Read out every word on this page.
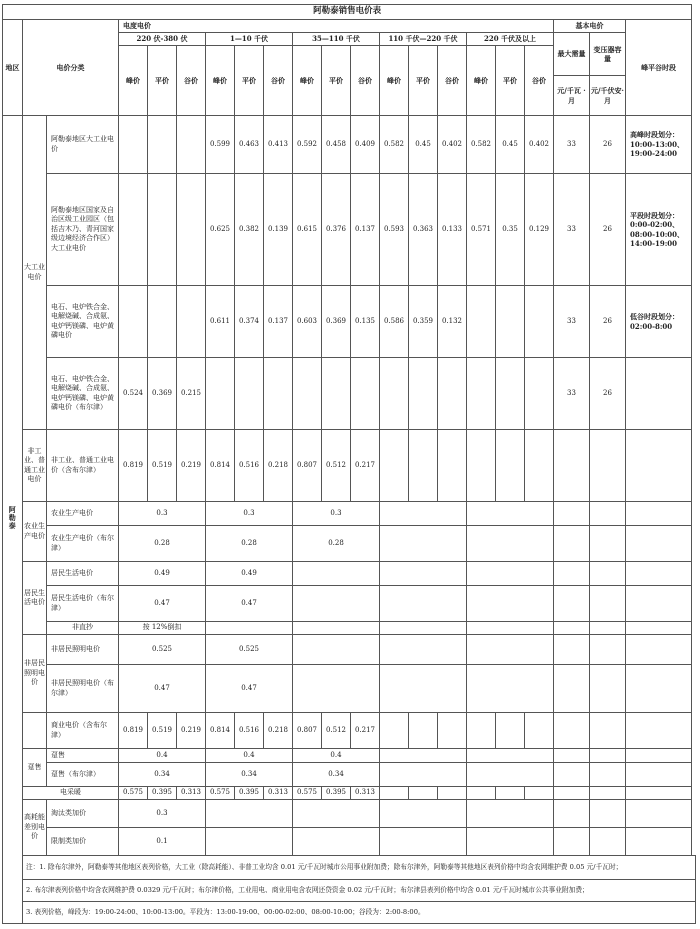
阿勒泰销售电价表																				
地区	电价分类		电度电价															基本电价		峰平谷时段
			220 伏-380 伏			1—10 千伏			35—110 千伏			110 千伏—220 千伏			220 千伏及以上			最大需量	变压器容量	
			峰价	平价	谷价	峰价	平价	谷价	峰价	平价	谷价	峰价	平价	谷价	峰价	平价	谷价			
																		元/千瓦 ·月	元/千伏安·月	
阿勒泰	大工业电价	阿勒泰地区大工业电价				0.599	0.463	0.413	0.592	0.458	0.409	0.582	0.45	0.402	0.582	0.45	0.402	33	26	高峰时段划分：10:00-13:00、19:00-24:00
		阿勒泰地区国家及自治区级工业园区（包括吉木乃、青河国家级边境经济合作区）大工业电价				0.625	0.382	0.139	0.615	0.376	0.137	0.593	0.363	0.133	0.571	0.35	0.129	33	26	平段时段划分：0:00-02:00、08:00-10:00、14:00-19:00
		电石、电炉铁合金、电解烧碱、合成氨、电炉钙镁磷、电炉黄磷电价				0.611	0.374	0.137	0.603	0.369	0.135	0.586	0.359	0.132				33	26	低谷时段划分：02:00-8:00
		电石、电炉铁合金、电解烧碱、合成氨、电炉钙镁磷、电炉黄磷电价（布尔津）	0.524	0.369	0.215													33	26	
	非工业、普通工业电价	非工业、普通工业电价（含布尔津）	0.819	0.519	0.219	0.814	0.516	0.218	0.807	0.512	0.217									
	农业生产电价	农业生产电价	0.3			0.3			0.3											
		农业生产电价（布尔津）	0.28			0.28			0.28											
	居民生活电价	居民生活电价	0.49			0.49														
		居民生活电价（布尔津）	0.47			0.47														
		非直抄	按 12%倒扣																	
	非居民照明电价	非居民照明电价	0.525			0.525														
		非居民照明电价（布尔津）	0.47			0.47														
		商业电价（含布尔津）	0.819	0.519	0.219	0.814	0.516	0.218	0.807	0.512	0.217									
	趸售	趸售	0.4			0.4			0.4											
		趸售（布尔津）	0.34			0.34			0.34											
	电采暖		0.575	0.395	0.313	0.575	0.395	0.313	0.575	0.395	0.313									
	高耗能差别电价	淘汰类加价	0.3																	
		限制类加价	0.1																	
	注：1. 除布尔津外，阿勒泰等其他地区表列价格，大工业（除高耗能）、非普工业均含 0.01 元/千瓦时城市公用事业附加费；除布尔津外，阿勒泰等其他地区表列价格中均含农网维护费 0.05 元/千瓦时；																			
	2. 布尔津表列价格中均含农网维护费 0.0329 元/千瓦时；布尔津价格，工业用电、商业用电含农网还贷资金 0.02 元/千瓦时；布尔津县表列价格中均含 0.01 元/千瓦时城市公共事业附加费；																			
	3. 表列价格，峰段为：19:00-24:00、10:00-13:00。平段为：13:00-19:00、00:00-02:00、08:00-10:00；谷段为：2:00-8:00。																			
